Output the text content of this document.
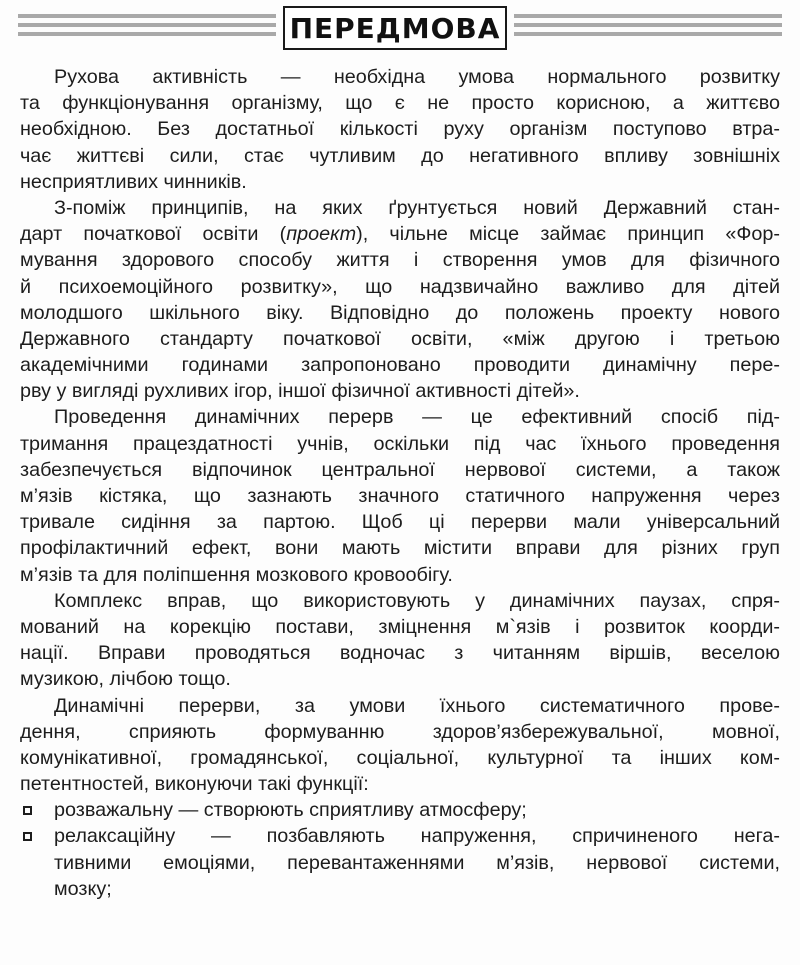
ПЕРЕДМОВА
Рухова активність — необхідна умова нормального розвитку
та функціонування організму, що є не просто корисною, а життєво
необхідною. Без достатньої кількості руху організм поступово втра-
чає життєві сили, стає чутливим до негативного впливу зовнішніх
несприятливих чинників.
З-поміж принципів, на яких ґрунтується новий Державний стан-
дарт початкової освіти (проект), чільне місце займає принцип «Фор-
мування здорового способу життя і створення умов для фізичного
й психоемоційного розвитку», що надзвичайно важливо для дітей
молодшого шкільного віку. Відповідно до положень проекту нового
Державного стандарту початкової освіти, «між другою і третьою
академічними годинами запропоновано проводити динамічну пере-
рву у вигляді рухливих ігор, іншої фізичної активності дітей».
Проведення динамічних перерв — це ефективний спосіб під-
тримання працездатності учнів, оскільки під час їхнього проведення
забезпечується відпочинок центральної нервової системи, а також
м’язів кістяка, що зазнають значного статичного напруження через
тривале сидіння за партою. Щоб ці перерви мали універсальний
профілактичний ефект, вони мають містити вправи для різних груп
м’язів та для поліпшення мозкового кровообігу.
Комплекс вправ, що використовують у динамічних паузах, спря-
мований на корекцію постави, зміцнення м`язів і розвиток коорди-
нації. Вправи проводяться водночас з читанням віршів, веселою
музикою, лічбою тощо.
Динамічні перерви, за умови їхнього систематичного прове-
дення, сприяють формуванню здоров’язбережувальної, мовної,
комунікативної, громадянської, соціальної, культурної та інших ком-
петентностей, виконуючи такі функції:
розважальну — створюють сприятливу атмосферу;
релаксаційну — позбавляють напруження, спричиненого нега-
тивними емоціями, перевантаженнями м’язів, нервової системи,
мозку;
